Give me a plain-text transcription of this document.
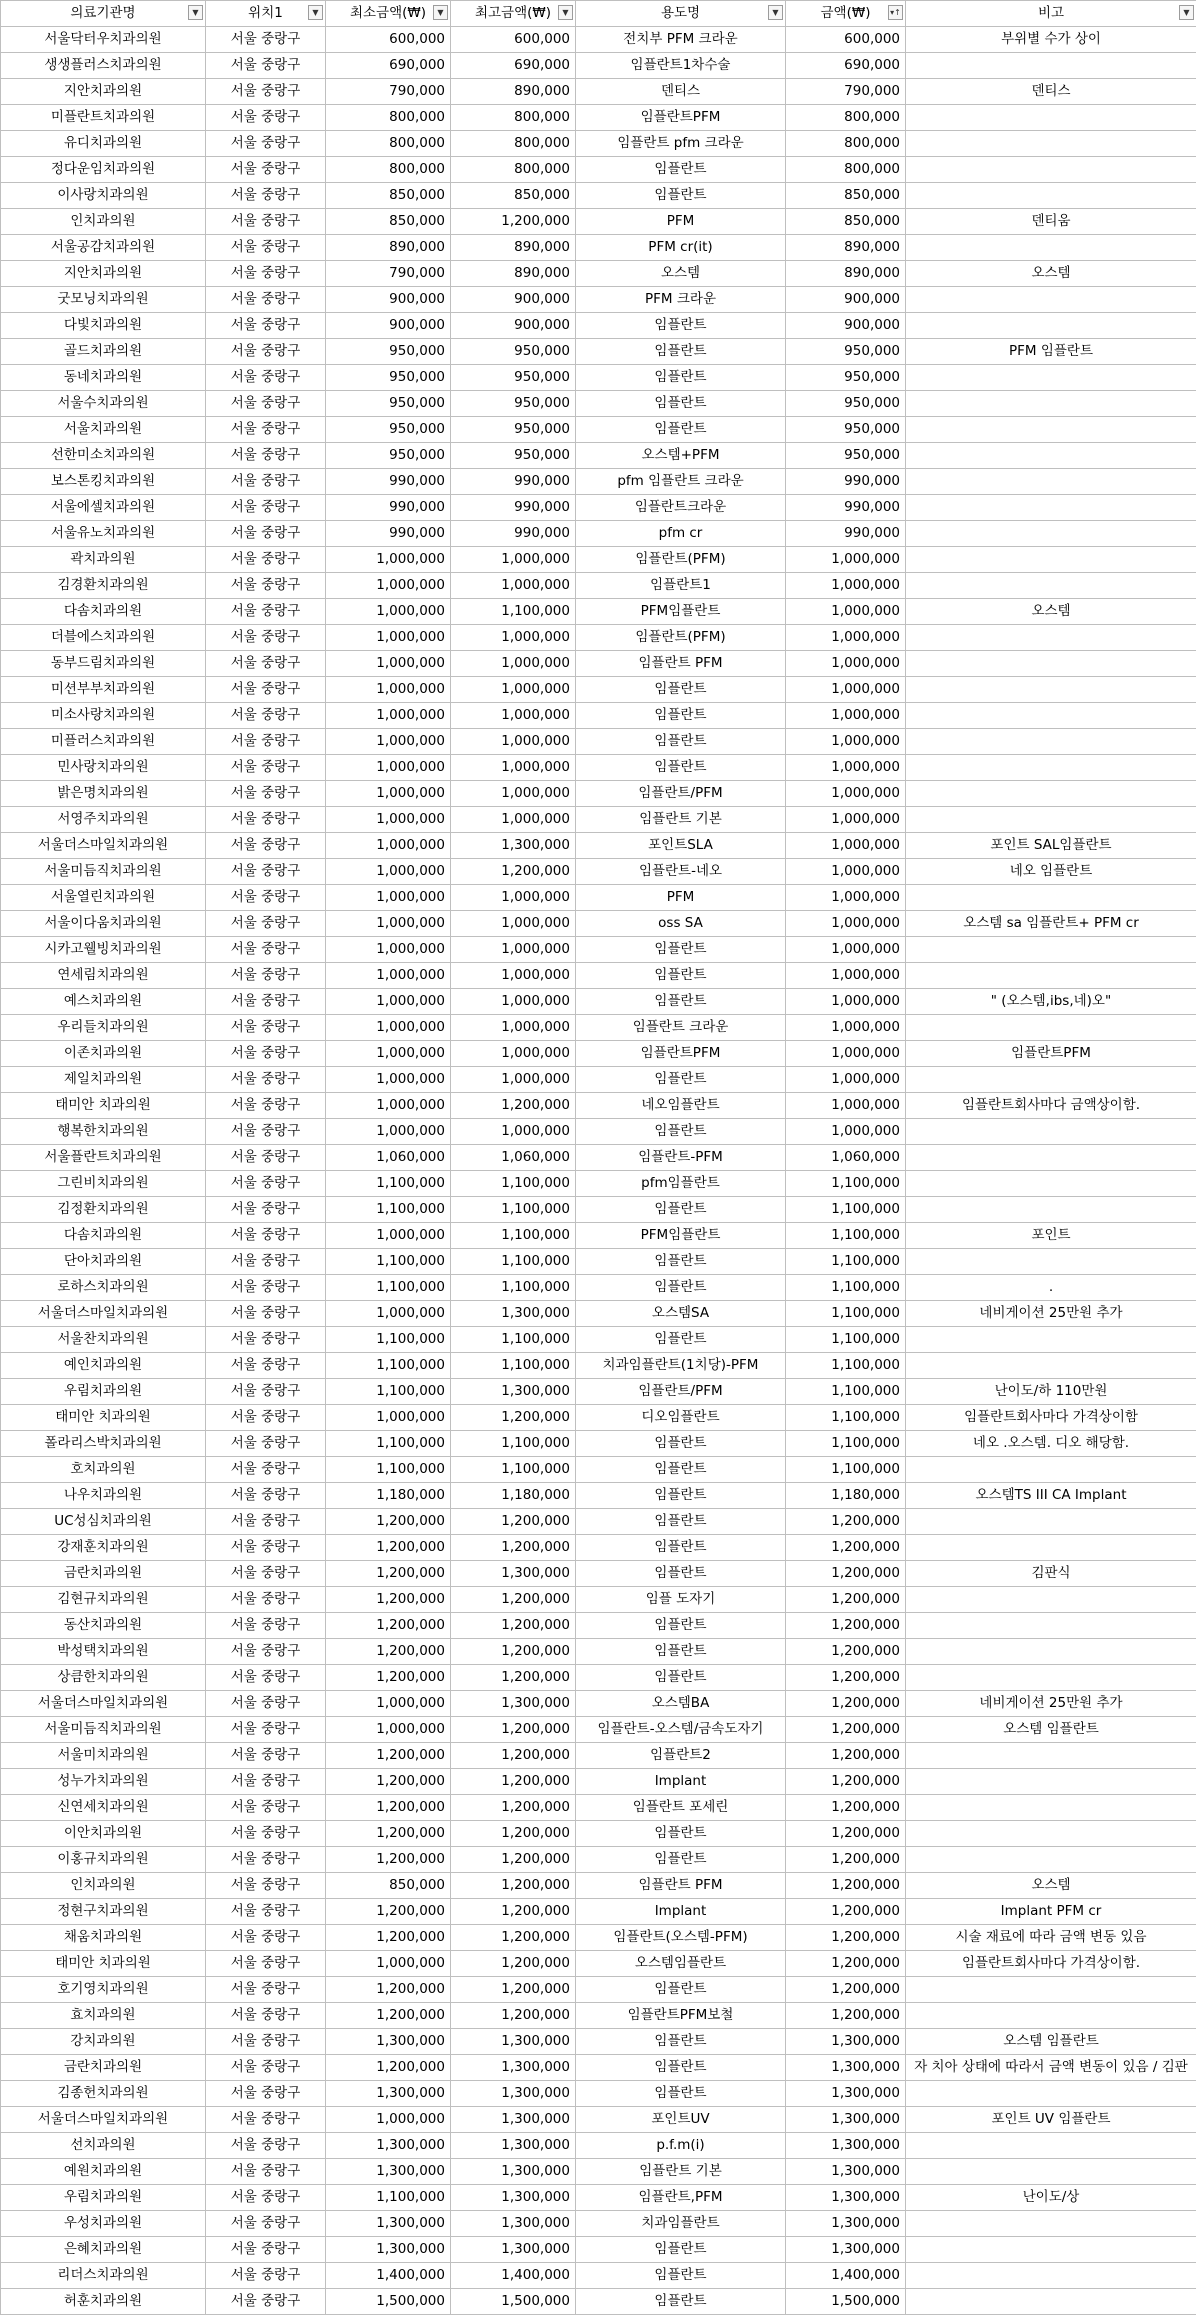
의료기관명 ▼	위치1 ▼	최소금액(₩) ▼	최고금액(₩) ▼	용도명 ▼	금액(₩) ▾↑	비고 ▼

서울닥터우치과의원	서울 중랑구	600,000	600,000	전치부 PFM 크라운	600,000	부위별 수가 상이
생생플러스치과의원	서울 중랑구	690,000	690,000	임플란트1차수술	690,000	
지안치과의원	서울 중랑구	790,000	890,000	덴티스	790,000	덴티스
미플란트치과의원	서울 중랑구	800,000	800,000	임플란트PFM	800,000	
유디치과의원	서울 중랑구	800,000	800,000	임플란트 pfm 크라운	800,000	
정다운임치과의원	서울 중랑구	800,000	800,000	임플란트	800,000	
이사랑치과의원	서울 중랑구	850,000	850,000	임플란트	850,000	
인치과의원	서울 중랑구	850,000	1,200,000	PFM	850,000	덴티움
서울공감치과의원	서울 중랑구	890,000	890,000	PFM cr(it)	890,000	
지안치과의원	서울 중랑구	790,000	890,000	오스템	890,000	오스템
굿모닝치과의원	서울 중랑구	900,000	900,000	PFM 크라운	900,000	
다빛치과의원	서울 중랑구	900,000	900,000	임플란트	900,000	
골드치과의원	서울 중랑구	950,000	950,000	임플란트	950,000	PFM 임플란트
동네치과의원	서울 중랑구	950,000	950,000	임플란트	950,000	
서울수치과의원	서울 중랑구	950,000	950,000	임플란트	950,000	
서울치과의원	서울 중랑구	950,000	950,000	임플란트	950,000	
선한미소치과의원	서울 중랑구	950,000	950,000	오스템+PFM	950,000	
보스톤킹치과의원	서울 중랑구	990,000	990,000	pfm 임플란트 크라운	990,000	
서울에셀치과의원	서울 중랑구	990,000	990,000	임플란트크라운	990,000	
서울유노치과의원	서울 중랑구	990,000	990,000	pfm cr	990,000	
곽치과의원	서울 중랑구	1,000,000	1,000,000	임플란트(PFM)	1,000,000	
김경환치과의원	서울 중랑구	1,000,000	1,000,000	임플란트1	1,000,000	
다솜치과의원	서울 중랑구	1,000,000	1,100,000	PFM임플란트	1,000,000	오스템
더블에스치과의원	서울 중랑구	1,000,000	1,000,000	임플란트(PFM)	1,000,000	
동부드림치과의원	서울 중랑구	1,000,000	1,000,000	임플란트 PFM	1,000,000	
미션부부치과의원	서울 중랑구	1,000,000	1,000,000	임플란트	1,000,000	
미소사랑치과의원	서울 중랑구	1,000,000	1,000,000	임플란트	1,000,000	
미플러스치과의원	서울 중랑구	1,000,000	1,000,000	임플란트	1,000,000	
민사랑치과의원	서울 중랑구	1,000,000	1,000,000	임플란트	1,000,000	
밝은명치과의원	서울 중랑구	1,000,000	1,000,000	임플란트/PFM	1,000,000	
서영주치과의원	서울 중랑구	1,000,000	1,000,000	임플란트 기본	1,000,000	
서울더스마일치과의원	서울 중랑구	1,000,000	1,300,000	포인트SLA	1,000,000	포인트 SAL임플란트
서울미듬직치과의원	서울 중랑구	1,000,000	1,200,000	임플란트-네오	1,000,000	네오 임플란트
서울열린치과의원	서울 중랑구	1,000,000	1,000,000	PFM	1,000,000	
서울이다움치과의원	서울 중랑구	1,000,000	1,000,000	oss SA	1,000,000	오스템 sa 임플란트+ PFM cr
시카고웰빙치과의원	서울 중랑구	1,000,000	1,000,000	임플란트	1,000,000	
연세림치과의원	서울 중랑구	1,000,000	1,000,000	임플란트	1,000,000	
예스치과의원	서울 중랑구	1,000,000	1,000,000	임플란트	1,000,000	" (오스템,ibs,네)오"
우리들치과의원	서울 중랑구	1,000,000	1,000,000	임플란트 크라운	1,000,000	
이존치과의원	서울 중랑구	1,000,000	1,000,000	임플란트PFM	1,000,000	임플란트PFM
제일치과의원	서울 중랑구	1,000,000	1,000,000	임플란트	1,000,000	
태미안 치과의원	서울 중랑구	1,000,000	1,200,000	네오임플란트	1,000,000	임플란트회사마다 금액상이함.
행복한치과의원	서울 중랑구	1,000,000	1,000,000	임플란트	1,000,000	
서울플란트치과의원	서울 중랑구	1,060,000	1,060,000	임플란트-PFM	1,060,000	
그린비치과의원	서울 중랑구	1,100,000	1,100,000	pfm임플란트	1,100,000	
김정환치과의원	서울 중랑구	1,100,000	1,100,000	임플란트	1,100,000	
다솜치과의원	서울 중랑구	1,000,000	1,100,000	PFM임플란트	1,100,000	포인트
단아치과의원	서울 중랑구	1,100,000	1,100,000	임플란트	1,100,000	
로하스치과의원	서울 중랑구	1,100,000	1,100,000	임플란트	1,100,000	.
서울더스마일치과의원	서울 중랑구	1,000,000	1,300,000	오스템SA	1,100,000	네비게이션 25만원 추가
서울찬치과의원	서울 중랑구	1,100,000	1,100,000	임플란트	1,100,000	
예인치과의원	서울 중랑구	1,100,000	1,100,000	치과임플란트(1치당)-PFM	1,100,000	
우림치과의원	서울 중랑구	1,100,000	1,300,000	임플란트/PFM	1,100,000	난이도/하 110만원
태미안 치과의원	서울 중랑구	1,000,000	1,200,000	디오임플란트	1,100,000	임플란트회사마다 가격상이함
폴라리스박치과의원	서울 중랑구	1,100,000	1,100,000	임플란트	1,100,000	네오 .오스템. 디오 해당함.
호치과의원	서울 중랑구	1,100,000	1,100,000	임플란트	1,100,000	
나우치과의원	서울 중랑구	1,180,000	1,180,000	임플란트	1,180,000	오스템TS III CA Implant
UC성심치과의원	서울 중랑구	1,200,000	1,200,000	임플란트	1,200,000	
강재훈치과의원	서울 중랑구	1,200,000	1,200,000	임플란트	1,200,000	
금란치과의원	서울 중랑구	1,200,000	1,300,000	임플란트	1,200,000	김판식
김현규치과의원	서울 중랑구	1,200,000	1,200,000	임플 도자기	1,200,000	
동산치과의원	서울 중랑구	1,200,000	1,200,000	임플란트	1,200,000	
박성택치과의원	서울 중랑구	1,200,000	1,200,000	임플란트	1,200,000	
상큼한치과의원	서울 중랑구	1,200,000	1,200,000	임플란트	1,200,000	
서울더스마일치과의원	서울 중랑구	1,000,000	1,300,000	오스템BA	1,200,000	네비게이션 25만원 추가
서울미듬직치과의원	서울 중랑구	1,000,000	1,200,000	임플란트-오스템/금속도자기	1,200,000	오스템 임플란트
서울미치과의원	서울 중랑구	1,200,000	1,200,000	임플란트2	1,200,000	
성누가치과의원	서울 중랑구	1,200,000	1,200,000	Implant	1,200,000	
신연세치과의원	서울 중랑구	1,200,000	1,200,000	임플란트 포세린	1,200,000	
이안치과의원	서울 중랑구	1,200,000	1,200,000	임플란트	1,200,000	
이홍규치과의원	서울 중랑구	1,200,000	1,200,000	임플란트	1,200,000	
인치과의원	서울 중랑구	850,000	1,200,000	임플란트 PFM	1,200,000	오스템
정현구치과의원	서울 중랑구	1,200,000	1,200,000	Implant	1,200,000	Implant PFM cr
채움치과의원	서울 중랑구	1,200,000	1,200,000	임플란트(오스템-PFM)	1,200,000	시술 재료에 따라 금액 변동 있음
태미안 치과의원	서울 중랑구	1,000,000	1,200,000	오스템임플란트	1,200,000	임플란트회사마다 가격상이함.
호기영치과의원	서울 중랑구	1,200,000	1,200,000	임플란트	1,200,000	
효치과의원	서울 중랑구	1,200,000	1,200,000	임플란트PFM보철	1,200,000	
강치과의원	서울 중랑구	1,300,000	1,300,000	임플란트	1,300,000	오스템 임플란트
금란치과의원	서울 중랑구	1,200,000	1,300,000	임플란트	1,300,000	자 치아 상태에 따라서 금액 변동이 있음 / 김판
김종헌치과의원	서울 중랑구	1,300,000	1,300,000	임플란트	1,300,000	
서울더스마일치과의원	서울 중랑구	1,000,000	1,300,000	포인트UV	1,300,000	포인트 UV 임플란트
선치과의원	서울 중랑구	1,300,000	1,300,000	p.f.m(i)	1,300,000	
예원치과의원	서울 중랑구	1,300,000	1,300,000	임플란트 기본	1,300,000	
우림치과의원	서울 중랑구	1,100,000	1,300,000	임플란트,PFM	1,300,000	난이도/상
우성치과의원	서울 중랑구	1,300,000	1,300,000	치과임플란트	1,300,000	
은혜치과의원	서울 중랑구	1,300,000	1,300,000	임플란트	1,300,000	
리더스치과의원	서울 중랑구	1,400,000	1,400,000	임플란트	1,400,000	
허훈치과의원	서울 중랑구	1,500,000	1,500,000	임플란트	1,500,000	
